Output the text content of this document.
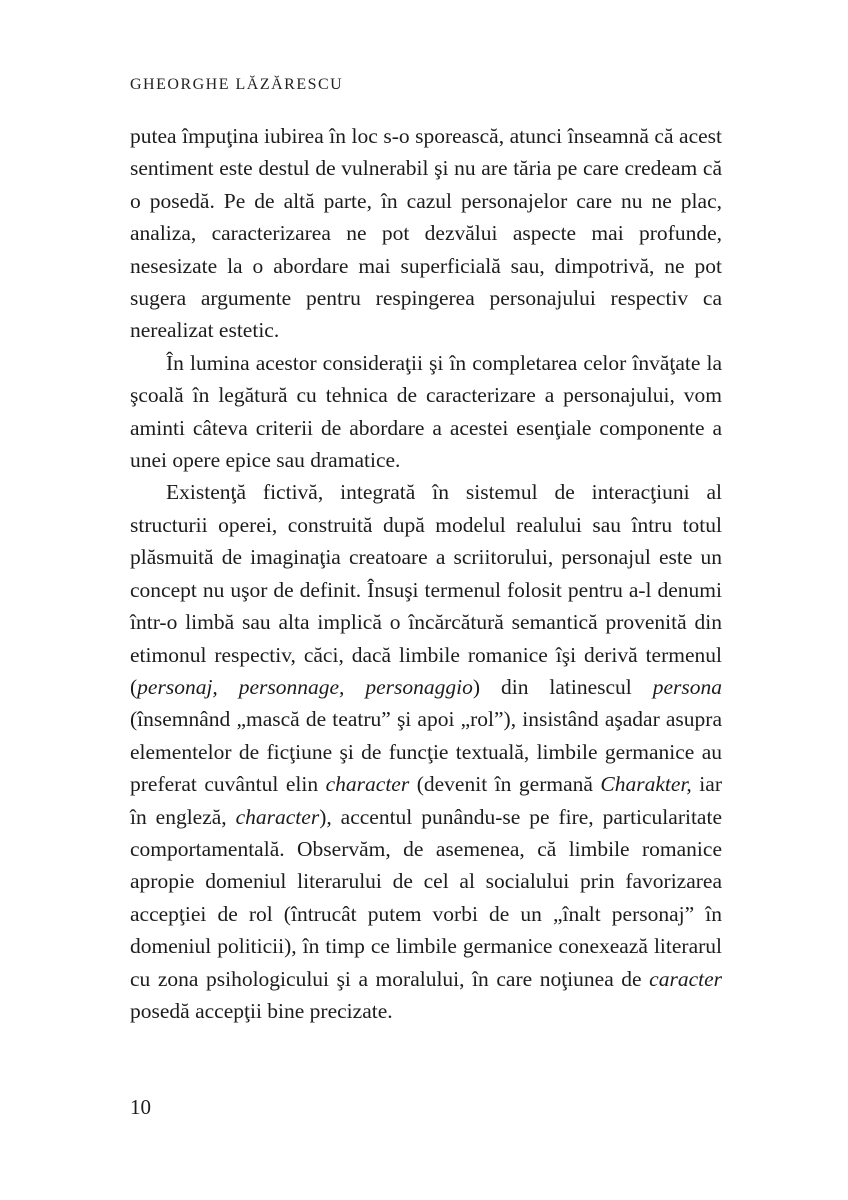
GHEORGHE LĂZĂRESCU

putea împuţina iubirea în loc s-o sporească, atunci înseamnă că acest sentiment este destul de vulnerabil şi nu are tăria pe care credeam că o posedă. Pe de altă parte, în cazul personajelor care nu ne plac, analiza, caracterizarea ne pot dezvălui aspecte mai profunde, nesesizate la o abordare mai superficială sau, dimpotrivă, ne pot sugera argumente pentru respingerea personajului respectiv ca nerealizat estetic.

În lumina acestor consideraţii şi în completarea celor învăţate la şcoală în legătură cu tehnica de caracterizare a personajului, vom aminti câteva criterii de abordare a acestei esenţiale componente a unei opere epice sau dramatice.

Existenţă fictivă, integrată în sistemul de interacţiuni al structurii operei, construită după modelul realului sau întru totul plăsmuită de imaginaţia creatoare a scriitorului, personajul este un concept nu uşor de definit. Însuşi termenul folosit pentru a-l denumi într-o limbă sau alta implică o încărcătură semantică provenită din etimonul respectiv, căci, dacă limbile romanice îşi derivă termenul (personaj, personnage, personaggio) din latinescul persona (însemnând „mască de teatru” şi apoi „rol”), insistând aşadar asupra elementelor de ficţiune şi de funcţie textuală, limbile germanice au preferat cuvântul elin character (devenit în germană Charakter, iar în engleză, character), accentul punându-se pe fire, particularitate comportamentală. Observăm, de asemenea, că limbile romanice apropie domeniul literarului de cel al socialului prin favorizarea accepţiei de rol (întrucât putem vorbi de un „înalt personaj” în domeniul politicii), în timp ce limbile germanice conexează literarul cu zona psihologicului şi a moralului, în care noţiunea de caracter posedă accepţii bine precizate.

10
